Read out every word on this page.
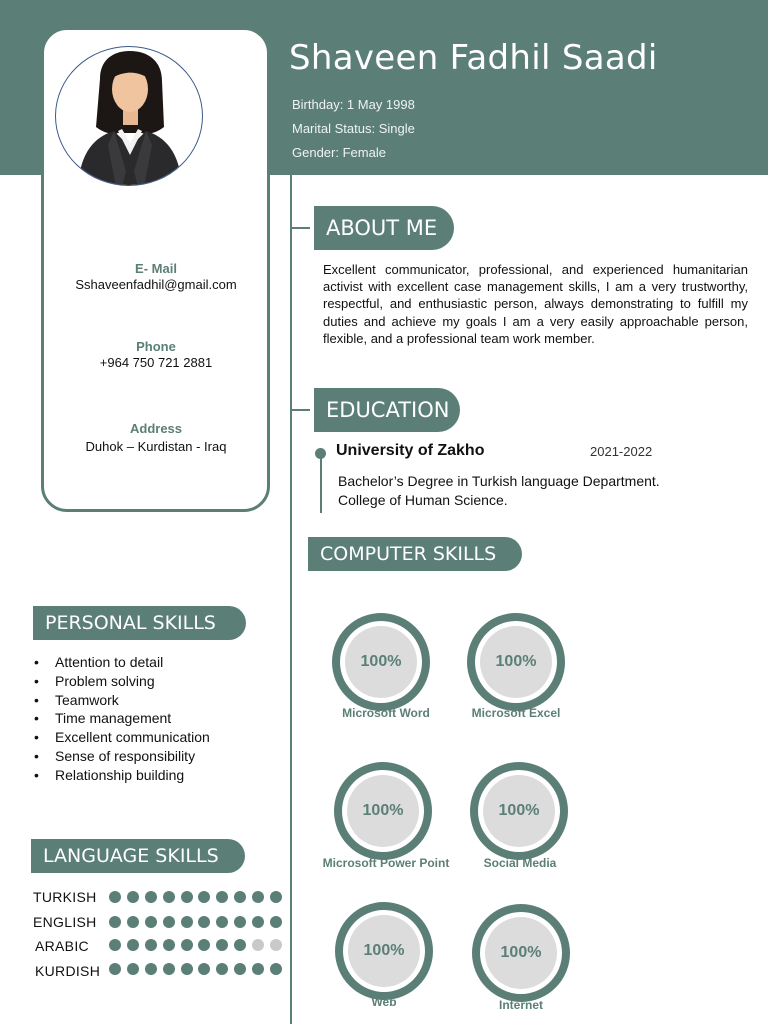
Shaveen Fadhil Saadi
Birthday: 1 May 1998
Marital Status: Single
Gender: Female
E- Mail
Sshaveenfadhil@gmail.com
Phone
+964 750 721 2881
Address
Duhok – Kurdistan - Iraq
ABOUT ME
Excellent communicator, professional, and experienced humanitarian activist with excellent case management skills, I am a very trustworthy, respectful, and enthusiastic person, always demonstrating to fulfill my duties and achieve my goals I am a very easily approachable person, flexible, and a professional team work member.
EDUCATION
University of Zakho	2021-2022
Bachelor’s Degree in Turkish language Department.
College of Human Science.
COMPUTER SKILLS
100%
Microsoft Word
100%
Microsoft Excel
100%
Microsoft Power Point
100%
Social Media
100%
Web
100%
Internet
PERSONAL SKILLS
• Attention to detail
• Problem solving
• Teamwork
• Time management
• Excellent communication
• Sense of responsibility
• Relationship building
LANGUAGE SKILLS
TURKISH
ENGLISH
ARABIC
KURDISH
